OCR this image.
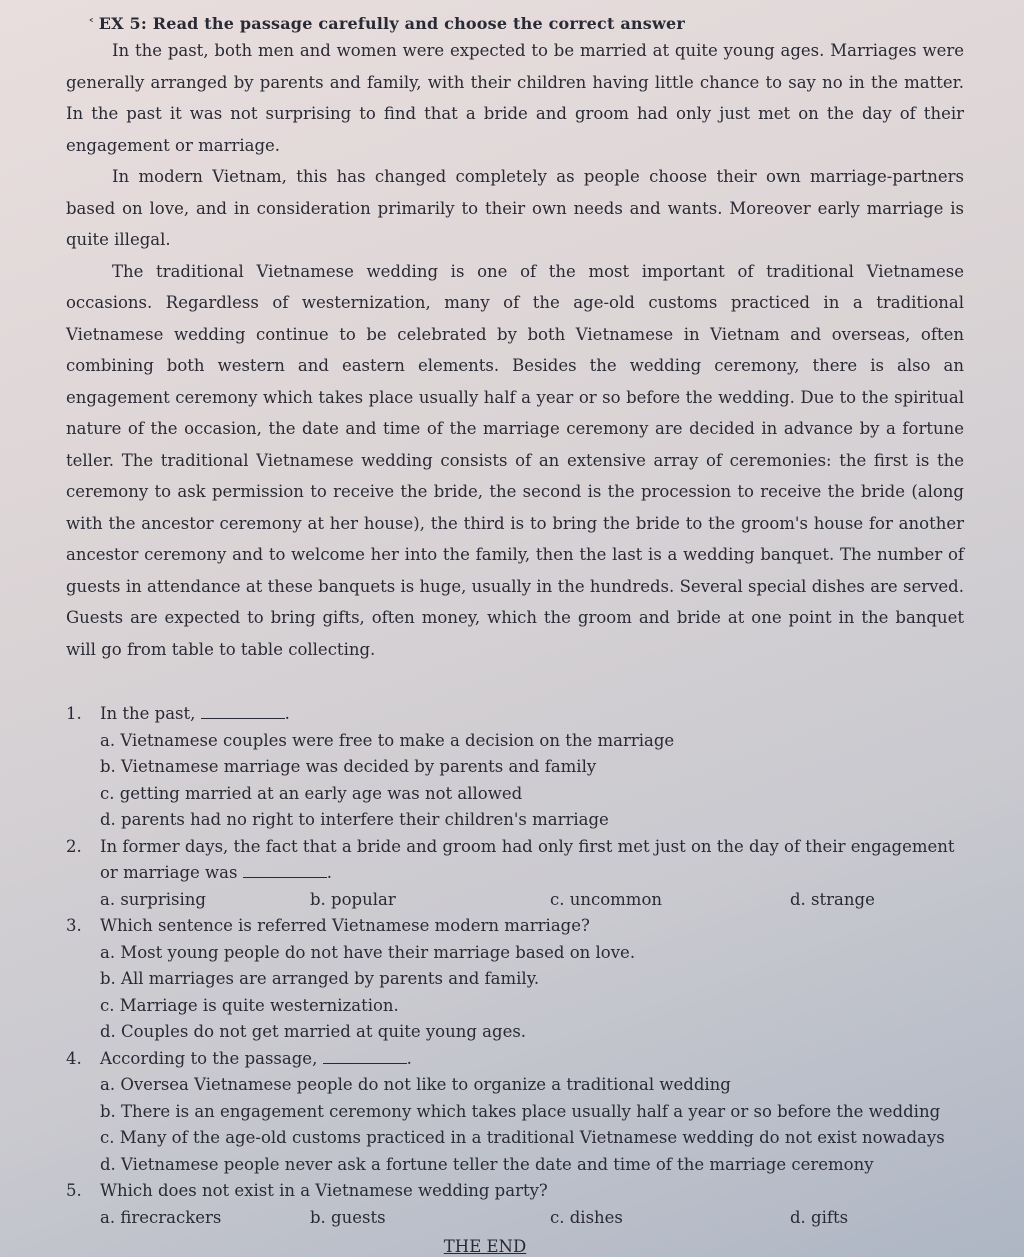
˂ EX 5: Read the passage carefully and choose the correct answer

In the past, both men and women were expected to be married at quite young ages. Marriages were generally arranged by parents and family, with their children having little chance to say no in the matter. In the past it was not surprising to find that a bride and groom had only just met on the day of their engagement or marriage.

In modern Vietnam, this has changed completely as people choose their own marriage-partners based on love, and in consideration primarily to their own needs and wants. Moreover early marriage is quite illegal.

The traditional Vietnamese wedding is one of the most important of traditional Vietnamese occasions. Regardless of westernization, many of the age-old customs practiced in a traditional Vietnamese wedding continue to be celebrated by both Vietnamese in Vietnam and overseas, often combining both western and eastern elements. Besides the wedding ceremony, there is also an engagement ceremony which takes place usually half a year or so before the wedding. Due to the spiritual nature of the occasion, the date and time of the marriage ceremony are decided in advance by a fortune teller. The traditional Vietnamese wedding consists of an extensive array of ceremonies: the first is the ceremony to ask permission to receive the bride, the second is the procession to receive the bride (along with the ancestor ceremony at her house), the third is to bring the bride to the groom's house for another ancestor ceremony and to welcome her into the family, then the last is a wedding banquet. The number of guests in attendance at these banquets is huge, usually in the hundreds. Several special dishes are served. Guests are expected to bring gifts, often money, which the groom and bride at one point in the banquet will go from table to table collecting.

1.	In the past,	.
a. Vietnamese couples were free to make a decision on the marriage
b. Vietnamese marriage was decided by parents and family
c. getting married at an early age was not allowed
d. parents had no right to interfere their children's marriage
2.	In former days, the fact that a bride and groom had only first met just on the day of their engagement or marriage was	.
a. surprising	b. popular	c. uncommon	d. strange
3.	Which sentence is referred Vietnamese modern marriage?
a. Most young people do not have their marriage based on love.
b. All marriages are arranged by parents and family.
c. Marriage is quite westernization.
d. Couples do not get married at quite young ages.
4.	According to the passage,	.
a. Oversea Vietnamese people do not like to organize a traditional wedding
b. There is an engagement ceremony which takes place usually half a year or so before the wedding
c. Many of the age-old customs practiced in a traditional Vietnamese wedding do not exist nowadays
d. Vietnamese people never ask a fortune teller the date and time of the marriage ceremony
5.	Which does not exist in a Vietnamese wedding party?
a. firecrackers	b. guests	c. dishes	d. gifts
THE END
